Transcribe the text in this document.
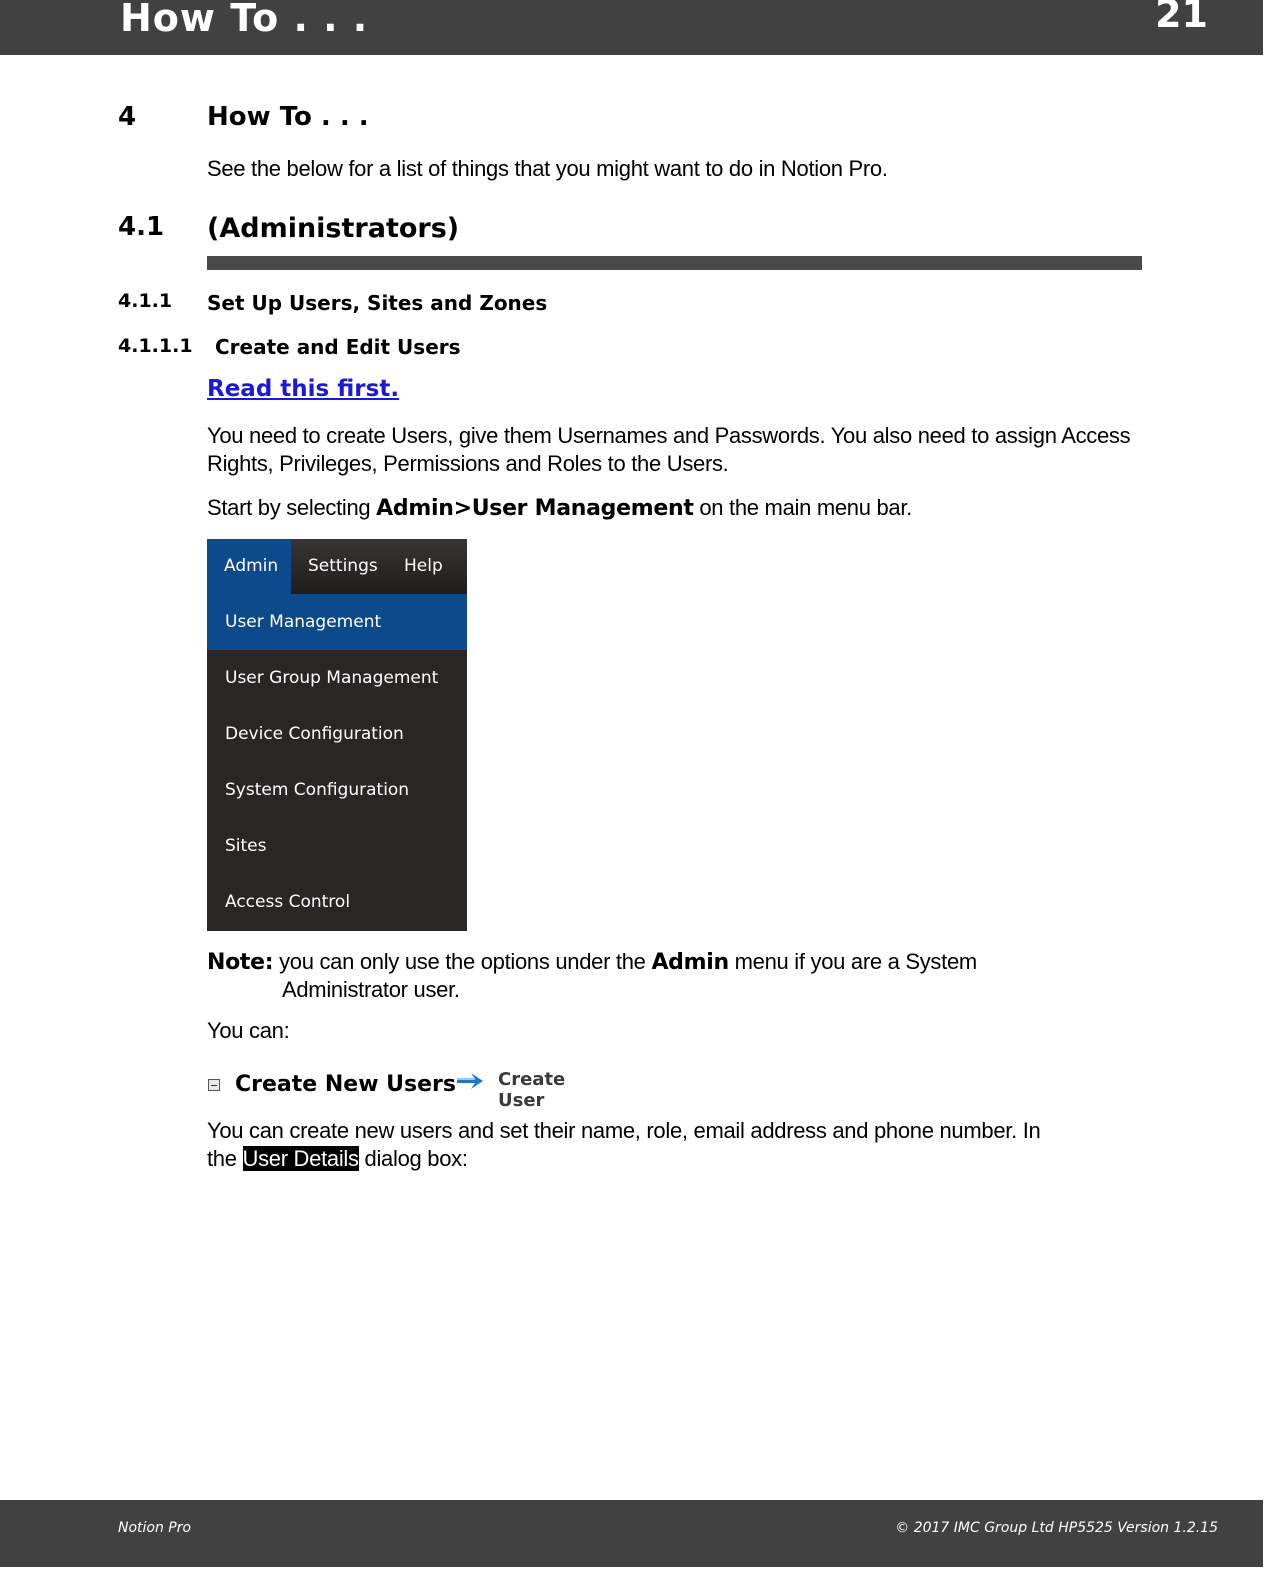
How To . . .	21
4	How To . . .
See the below for a list of things that you might want to do in Notion Pro.
4.1 (Administrators)
4.1.1 Set Up Users, Sites and Zones
4.1.1.1 Create and Edit Users
Read this first.
You need to create Users, give them Usernames and Passwords. You also need to assign Access Rights, Privileges, Permissions and Roles to the Users.
Start by selecting Admin>User Management on the main menu bar.
Admin	Settings Help
User Management
User Group Management
Device Configuration
System Configuration
Sites
Access Control
Note: you can only use the options under the Admin menu if you are a System
Administrator user.
You can:
Create New Users Create User
You can create new users and set their name, role, email address and phone number. In
the User Details dialog box:
Notion Pro	© 2017 IMC Group Ltd HP5525 Version 1.2.15
